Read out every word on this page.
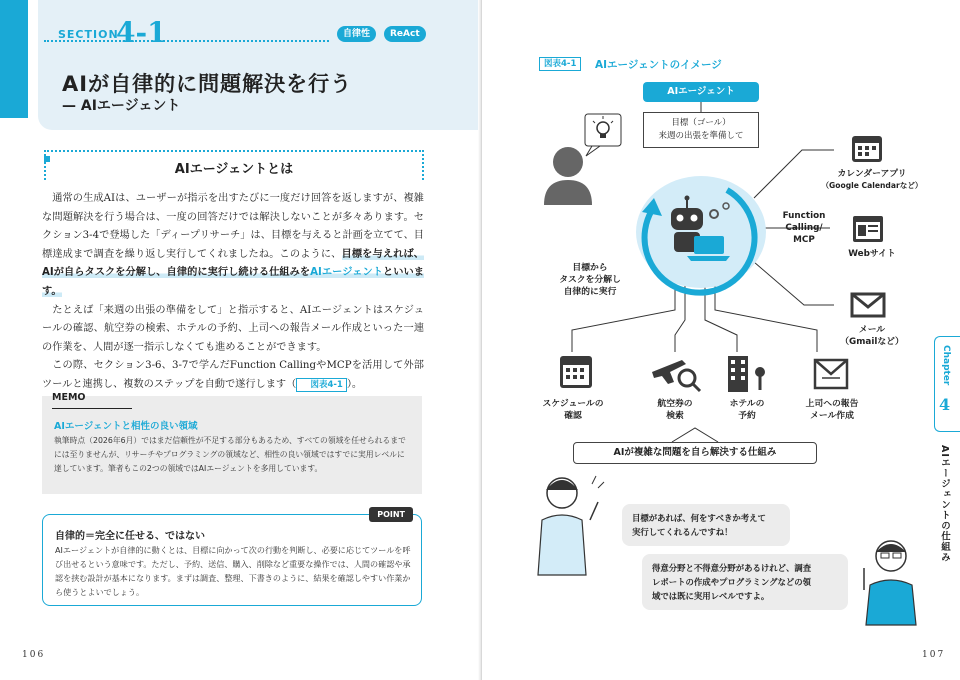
SECTION
4-1	自律性	ReAct
AIが自律的に問題解決を行う
— AIエージェント
AIエージェントとは

通常の生成AIは、ユーザーが指示を出すたびに一度だけ回答を返しますが、複雑な問題解決を行う場合は、一度の回答だけでは解決しないことが多々あります。セクション3-4で登場した「ディープリサーチ」は、目標を与えると計画を立てて、目標達成まで調査を繰り返し実行してくれましたね。このように、目標を与えれば、AIが自らタスクを分解し、自律的に実行し続ける仕組みをAIエージェントといいます。

たとえば「来週の出張の準備をして」と指示すると、AIエージェントはスケジュールの確認、航空券の検索、ホテルの予約、上司への報告メール作成といった一連の作業を、人間が逐一指示しなくても進めることができます。

この際、セクション3-6、3-7で学んだFunction CallingやMCPを活用して外部ツールと連携し、複数のステップを自動で遂行します（ 図表4-1 ）。

MEMO
AIエージェントと相性の良い領域
執筆時点（2026年6月）ではまだ信頼性が不足する部分もあるため、すべての領域を任せられるまでには至りませんが、リサーチやプログラミングの領域など、相性の良い領域ではすでに実用レベルに達しています。筆者もこの2つの領域ではAIエージェントを多用しています。
POINT
自律的＝完全に任せる、ではない
AIエージェントが自律的に動くとは、目標に向かって次の行動を判断し、必要に応じてツールを呼び出せるという意味です。ただし、予約、送信、購入、削除など重要な操作では、人間の確認や承認を挟む設計が基本になります。まずは調査、整理、下書きのように、結果を確認しやすい作業から使うとよいでしょう。
106
図表4-1	AIエージェントのイメージ
AIエージェント
目標（ゴール）
来週の出張を準備して
目標から
タスクを分解し
自律的に実行
Function
Calling/
MCP
カレンダーアプリ
（Google Calendarなど）
Webサイト
メール
（Gmailなど）
スケジュールの
確認
航空券の
検索
ホテルの
予約
上司への報告
メール作成
AIが複雑な問題を自ら解決する仕組み
目標があれば、何をすべきか考えて
実行してくれるんですね！
得意分野と不得意分野があるけれど、調査
レポートの作成やプログラミングなどの領
域では既に実用レベルですよ。
Chapter
4
AIエージェントの仕組み
107
